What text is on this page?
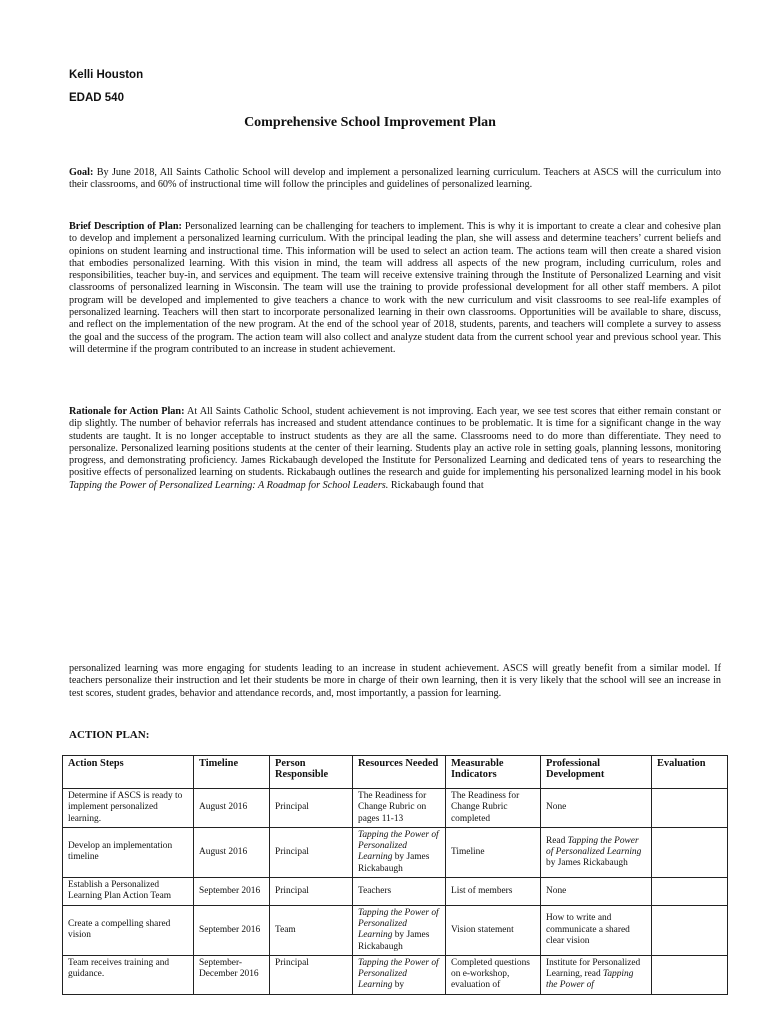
Kelli Houston
EDAD 540
Comprehensive School Improvement Plan

Goal: By June 2018, All Saints Catholic School will develop and implement a personalized learning curriculum. Teachers at ASCS will the curriculum into their classrooms, and 60% of instructional time will follow the principles and guidelines of personalized learning.

Brief Description of Plan: Personalized learning can be challenging for teachers to implement. This is why it is important to create a clear and cohesive plan to develop and implement a personalized learning curriculum. With the principal leading the plan, she will assess and determine teachers’ current beliefs and opinions on student learning and instructional time. This information will be used to select an action team. The actions team will then create a shared vision that embodies personalized learning. With this vision in mind, the team will address all aspects of the new program, including curriculum, roles and responsibilities, teacher buy-in, and services and equipment. The team will receive extensive training through the Institute of Personalized Learning and visit classrooms of personalized learning in Wisconsin. The team will use the training to provide professional development for all other staff members. A pilot program will be developed and implemented to give teachers a chance to work with the new curriculum and visit classrooms to see real-life examples of personalized learning. Teachers will then start to incorporate personalized learning in their own classrooms. Opportunities will be available to share, discuss, and reflect on the implementation of the new program. At the end of the school year of 2018, students, parents, and teachers will complete a survey to assess the goal and the success of the program. The action team will also collect and analyze student data from the current school year and previous school year. This will determine if the program contributed to an increase in student achievement.

Rationale for Action Plan: At All Saints Catholic School, student achievement is not improving. Each year, we see test scores that either remain constant or dip slightly. The number of behavior referrals has increased and student attendance continues to be problematic. It is time for a significant change in the way students are taught. It is no longer acceptable to instruct students as they are all the same. Classrooms need to do more than differentiate. They need to personalize. Personalized learning positions students at the center of their learning. Students play an active role in setting goals, planning lessons, monitoring progress, and demonstrating proficiency. James Rickabaugh developed the Institute for Personalized Learning and dedicated tens of years to researching the positive effects of personalized learning on students. Rickabaugh outlines the research and guide for implementing his personalized learning model in his book Tapping the Power of Personalized Learning: A Roadmap for School Leaders. Rickabaugh found that

personalized learning was more engaging for students leading to an increase in student achievement. ASCS will greatly benefit from a similar model. If teachers personalize their instruction and let their students be more in charge of their own learning, then it is very likely that the school will see an increase in test scores, student grades, behavior and attendance records, and, most importantly, a passion for learning.

ACTION PLAN:
Action Steps	Timeline	Person Responsible	Resources Needed	Measurable Indicators	Professional Development	Evaluation
Determine if ASCS is ready to implement personalized learning.	August 2016	Principal	The Readiness for Change Rubric on pages 11-13	The Readiness for Change Rubric completed	None	
Develop an implementation timeline	August 2016	Principal	Tapping the Power of Personalized Learning by James Rickabaugh	Timeline	Read Tapping the Power of Personalized Learning by James Rickabaugh	
Establish a Personalized Learning Plan Action Team	September 2016	Principal	Teachers	List of members	None	
Create a compelling shared vision	September 2016	Team	Tapping the Power of Personalized Learning by James Rickabaugh	Vision statement	How to write and communicate a shared clear vision	
Team receives training and guidance.	September-December 2016	Principal	Tapping the Power of Personalized Learning by	Completed questions on e-workshop, evaluation of	Institute for Personalized Learning, read Tapping the Power of	
